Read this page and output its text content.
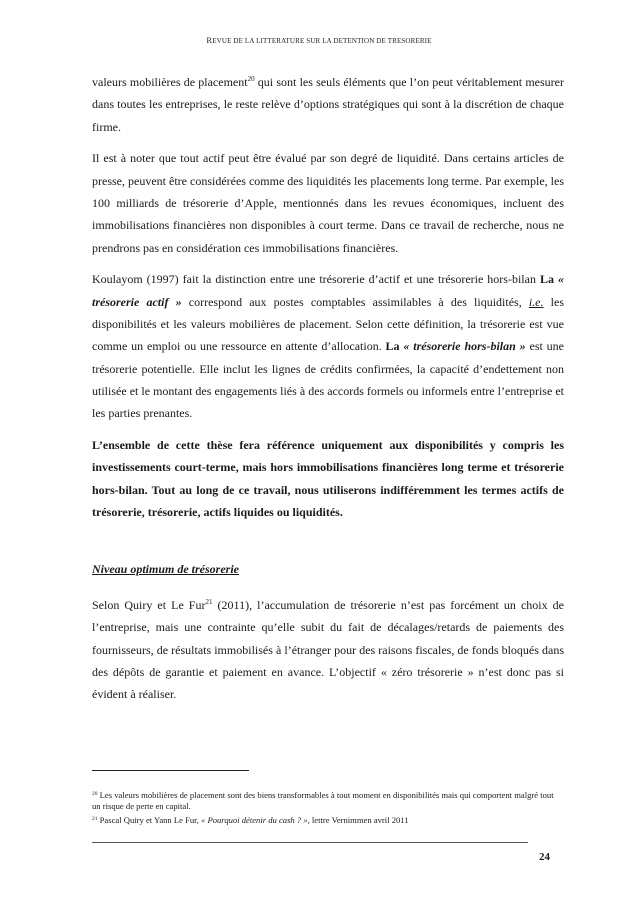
REVUE DE LA LITTERATURE SUR LA DETENTION DE TRESORERIE

valeurs mobilières de placement$^{20}$ qui sont les seuls éléments que l’on peut véritablement mesurer dans toutes les entreprises, le reste relève d’options stratégiques qui sont à la discrétion de chaque firme.

Il est à noter que tout actif peut être évalué par son degré de liquidité. Dans certains articles de presse, peuvent être considérées comme des liquidités les placements long terme. Par exemple, les 100 milliards de trésorerie d’Apple, mentionnés dans les revues économiques, incluent des immobilisations financières non disponibles à court terme. Dans ce travail de recherche, nous ne prendrons pas en considération ces immobilisations financières.

Koulayom (1997) fait la distinction entre une trésorerie d’actif et une trésorerie hors-bilan La « trésorerie actif » correspond aux postes comptables assimilables à des liquidités, i.e. les disponibilités et les valeurs mobilières de placement. Selon cette définition, la trésorerie est vue comme un emploi ou une ressource en attente d’allocation. La « trésorerie hors-bilan » est une trésorerie potentielle. Elle inclut les lignes de crédits confirmées, la capacité d’endettement non utilisée et le montant des engagements liés à des accords formels ou informels entre l’entreprise et les parties prenantes.

L’ensemble de cette thèse fera référence uniquement aux disponibilités y compris les investissements court-terme, mais hors immobilisations financières long terme et trésorerie hors-bilan. Tout au long de ce travail, nous utiliserons indifféremment les termes actifs de trésorerie, trésorerie, actifs liquides ou liquidités.

Niveau optimum de trésorerie

Selon Quiry et Le Fur$^{21}$ (2011), l’accumulation de trésorerie n’est pas forcément un choix de l’entreprise, mais une contrainte qu’elle subit du fait de décalages/retards de paiements des fournisseurs, de résultats immobilisés à l’étranger pour des raisons fiscales, de fonds bloqués dans des dépôts de garantie et paiement en avance. L’objectif « zéro trésorerie » n’est donc pas si évident à réaliser.

$^{20}$ Les valeurs mobilières de placement sont des biens transformables à tout moment en disponibilités mais qui comportent malgré tout un risque de perte en capital.
$^{21}$ Pascal Quiry et Yann Le Fur, « Pourquoi détenir du cash ? », lettre Vernimmen avril 2011
24
